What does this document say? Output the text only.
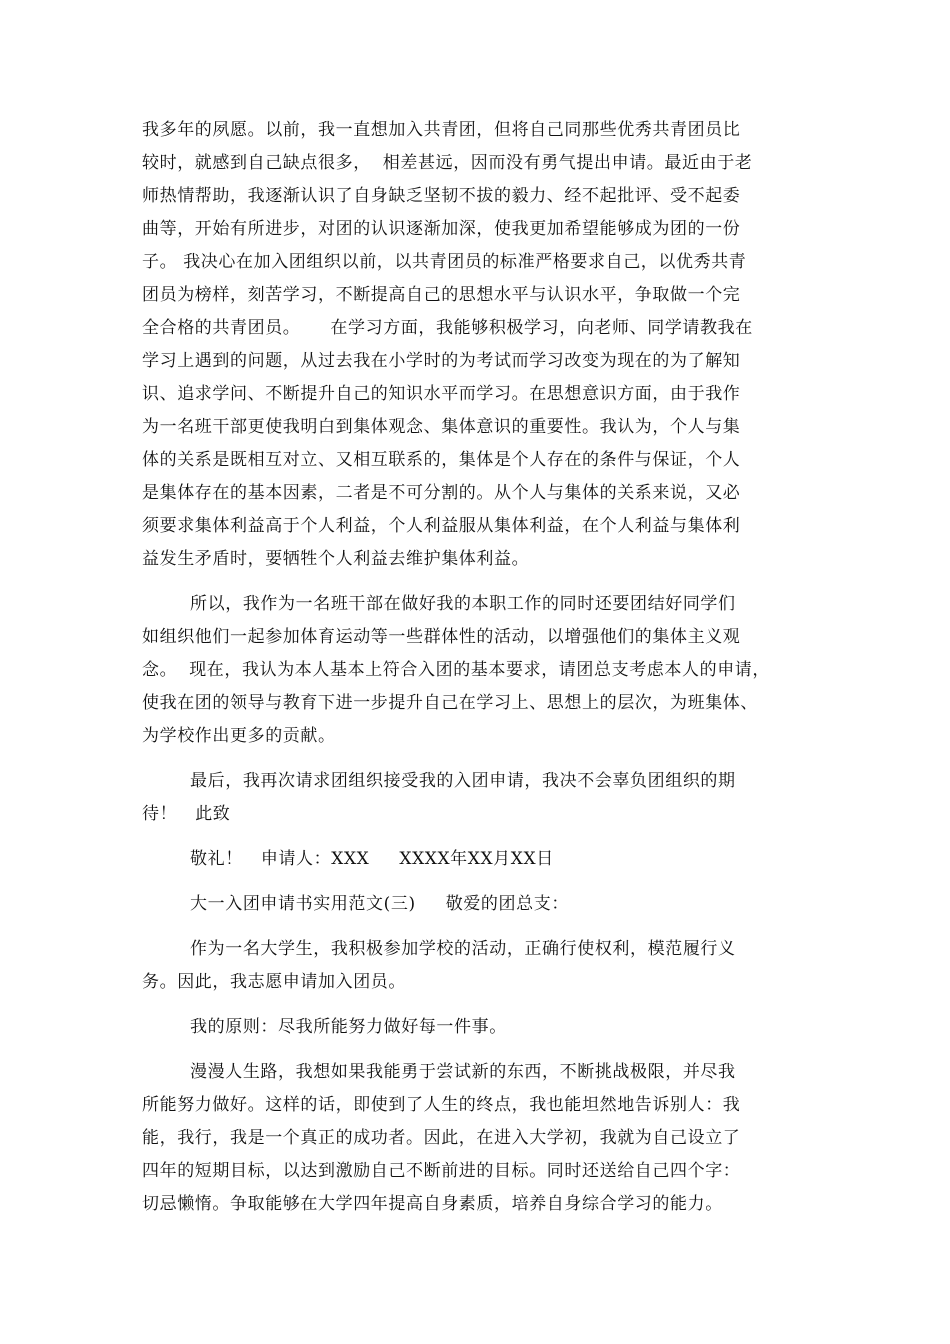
我多年的夙愿。以前，我一直想加入共青团，但将自己同那些优秀共青团员比
较时，就感到自己缺点很多，  相差甚远，因而没有勇气提出申请。最近由于老
师热情帮助，我逐渐认识了自身缺乏坚韧不拔的毅力、经不起批评、受不起委
曲等，开始有所进步，对团的认识逐渐加深，使我更加希望能够成为团的一份
子。 我决心在加入团组织以前，以共青团员的标准严格要求自己，以优秀共青
团员为榜样，刻苦学习，不断提高自己的思想水平与认识水平，争取做一个完
全合格的共青团员。     在学习方面，我能够积极学习，向老师、同学请教我在
学习上遇到的问题，从过去我在小学时的为考试而学习改变为现在的为了解知
识、追求学问、不断提升自己的知识水平而学习。在思想意识方面，由于我作
为一名班干部更使我明白到集体观念、集体意识的重要性。我认为，个人与集
体的关系是既相互对立、又相互联系的，集体是个人存在的条件与保证，个人
是集体存在的基本因素，二者是不可分割的。从个人与集体的关系来说，又必
须要求集体利益高于个人利益，个人利益服从集体利益，在个人利益与集体利
益发生矛盾时，要牺牲个人利益去维护集体利益。
所以，我作为一名班干部在做好我的本职工作的同时还要团结好同学们
如组织他们一起参加体育运动等一些群体性的活动，以增强他们的集体主义观
念。  现在，我认为本人基本上符合入团的基本要求，请团总支考虑本人的申请，
使我在团的领导与教育下进一步提升自己在学习上、思想上的层次，为班集体、
为学校作出更多的贡献。
最后，我再次请求团组织接受我的入团申请，我决不会辜负团组织的期
待！   此致
敬礼！   申请人：XXX     XXXX年XX月XX日
大一入团申请书实用范文(三)     敬爱的团总支：
作为一名大学生，我积极参加学校的活动，正确行使权利，模范履行义
务。因此，我志愿申请加入团员。
我的原则：尽我所能努力做好每一件事。
漫漫人生路，我想如果我能勇于尝试新的东西，不断挑战极限，并尽我
所能努力做好。这样的话，即使到了人生的终点，我也能坦然地告诉别人：我
能，我行，我是一个真正的成功者。因此，在进入大学初，我就为自己设立了
四年的短期目标，以达到激励自己不断前进的目标。同时还送给自己四个字：
切忌懒惰。争取能够在大学四年提高自身素质，培养自身综合学习的能力。
